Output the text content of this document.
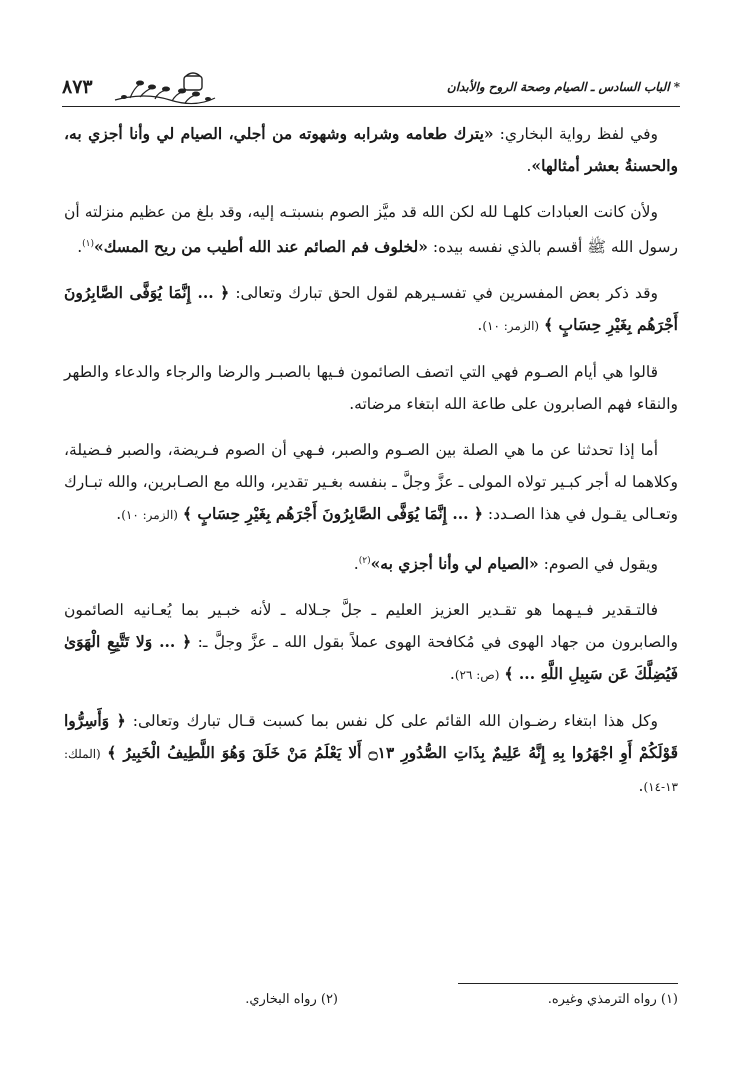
* الباب السادس ـ الصيام وصحة الروح والأبدان
٨٧٣

وفي لفظ رواية البخاري: «يترك طعامه وشرابه وشهوته من أجلي، الصيام لي وأنا أجزي به، والحسنةُ بعشر أمثالها».

ولأن كانت العبادات كلهـا لله لكن الله قد ميَّز الصوم بنسبتـه إليه، وقد بلغ من عظيم منزلته أن رسول الله ﷺ أقسم بالذي نفسه بيده: «لخلوف فم الصائم عند الله أطيب من ريح المسك»$^{(١)}$.

وقد ذكر بعض المفسرين في تفسـيرهم لقول الحق تبارك وتعالى: ﴿ ... إِنَّمَا يُوَفَّى الصَّابِرُونَ أَجْرَهُم بِغَيْرِ حِسَابٍ ﴾ (الزمر: ١٠).

قالوا هي أيام الصـوم فهي التي اتصف الصائمون فـيها بالصبـر والرضا والرجاء والدعاء والطهر والنقاء فهم الصابرون على طاعة الله ابتغاء مرضاته.

أما إذا تحدثنا عن ما هي الصلة بين الصـوم والصبر، فـهي أن الصوم فـريضة، والصبر فـضيلة، وكلاهما له أجر كبـير تولاه المولى ـ عزَّ وجلَّ ـ بنفسه بغـير تقدير، والله مع الصـابرين، والله تبـارك وتعـالى يقـول في هذا الصـدد: ﴿ ... إِنَّمَا يُوَفَّى الصَّابِرُونَ أَجْرَهُم بِغَيْرِ حِسَابٍ ﴾ (الزمر: ١٠).

ويقول في الصوم: «الصيام لي وأنا أجزي به»$^{(٢)}$.

فالتـقدير فـيـهما هو تقـدير العزيز العليم ـ جلَّ جـلاله ـ لأنه خبـير بما يُعـانيه الصائمون والصابرون من جهاد الهوى في مُكافحة الهوى عملاً بقول الله ـ عزَّ وجلَّ ـ: ﴿ ... وَلا تَتَّبِعِ الْهَوَىٰ فَيُضِلَّكَ عَن سَبِيلِ اللَّهِ ... ﴾ (ص: ٢٦).

وكل هذا ابتغاء رضـوان الله القائم على كل نفس بما كسبت قـال تبارك وتعالى: ﴿ وَأَسِرُّوا قَوْلَكُمْ أَوِ اجْهَرُوا بِهِ إِنَّهُ عَلِيمٌ بِذَاتِ الصُّدُورِ ۝١٣ أَلا يَعْلَمُ مَنْ خَلَقَ وَهُوَ اللَّطِيفُ الْخَبِيرُ ﴾ (الملك: ١٣-١٤).

(١) رواه الترمذي وغيره.
(٢) رواه البخاري.
